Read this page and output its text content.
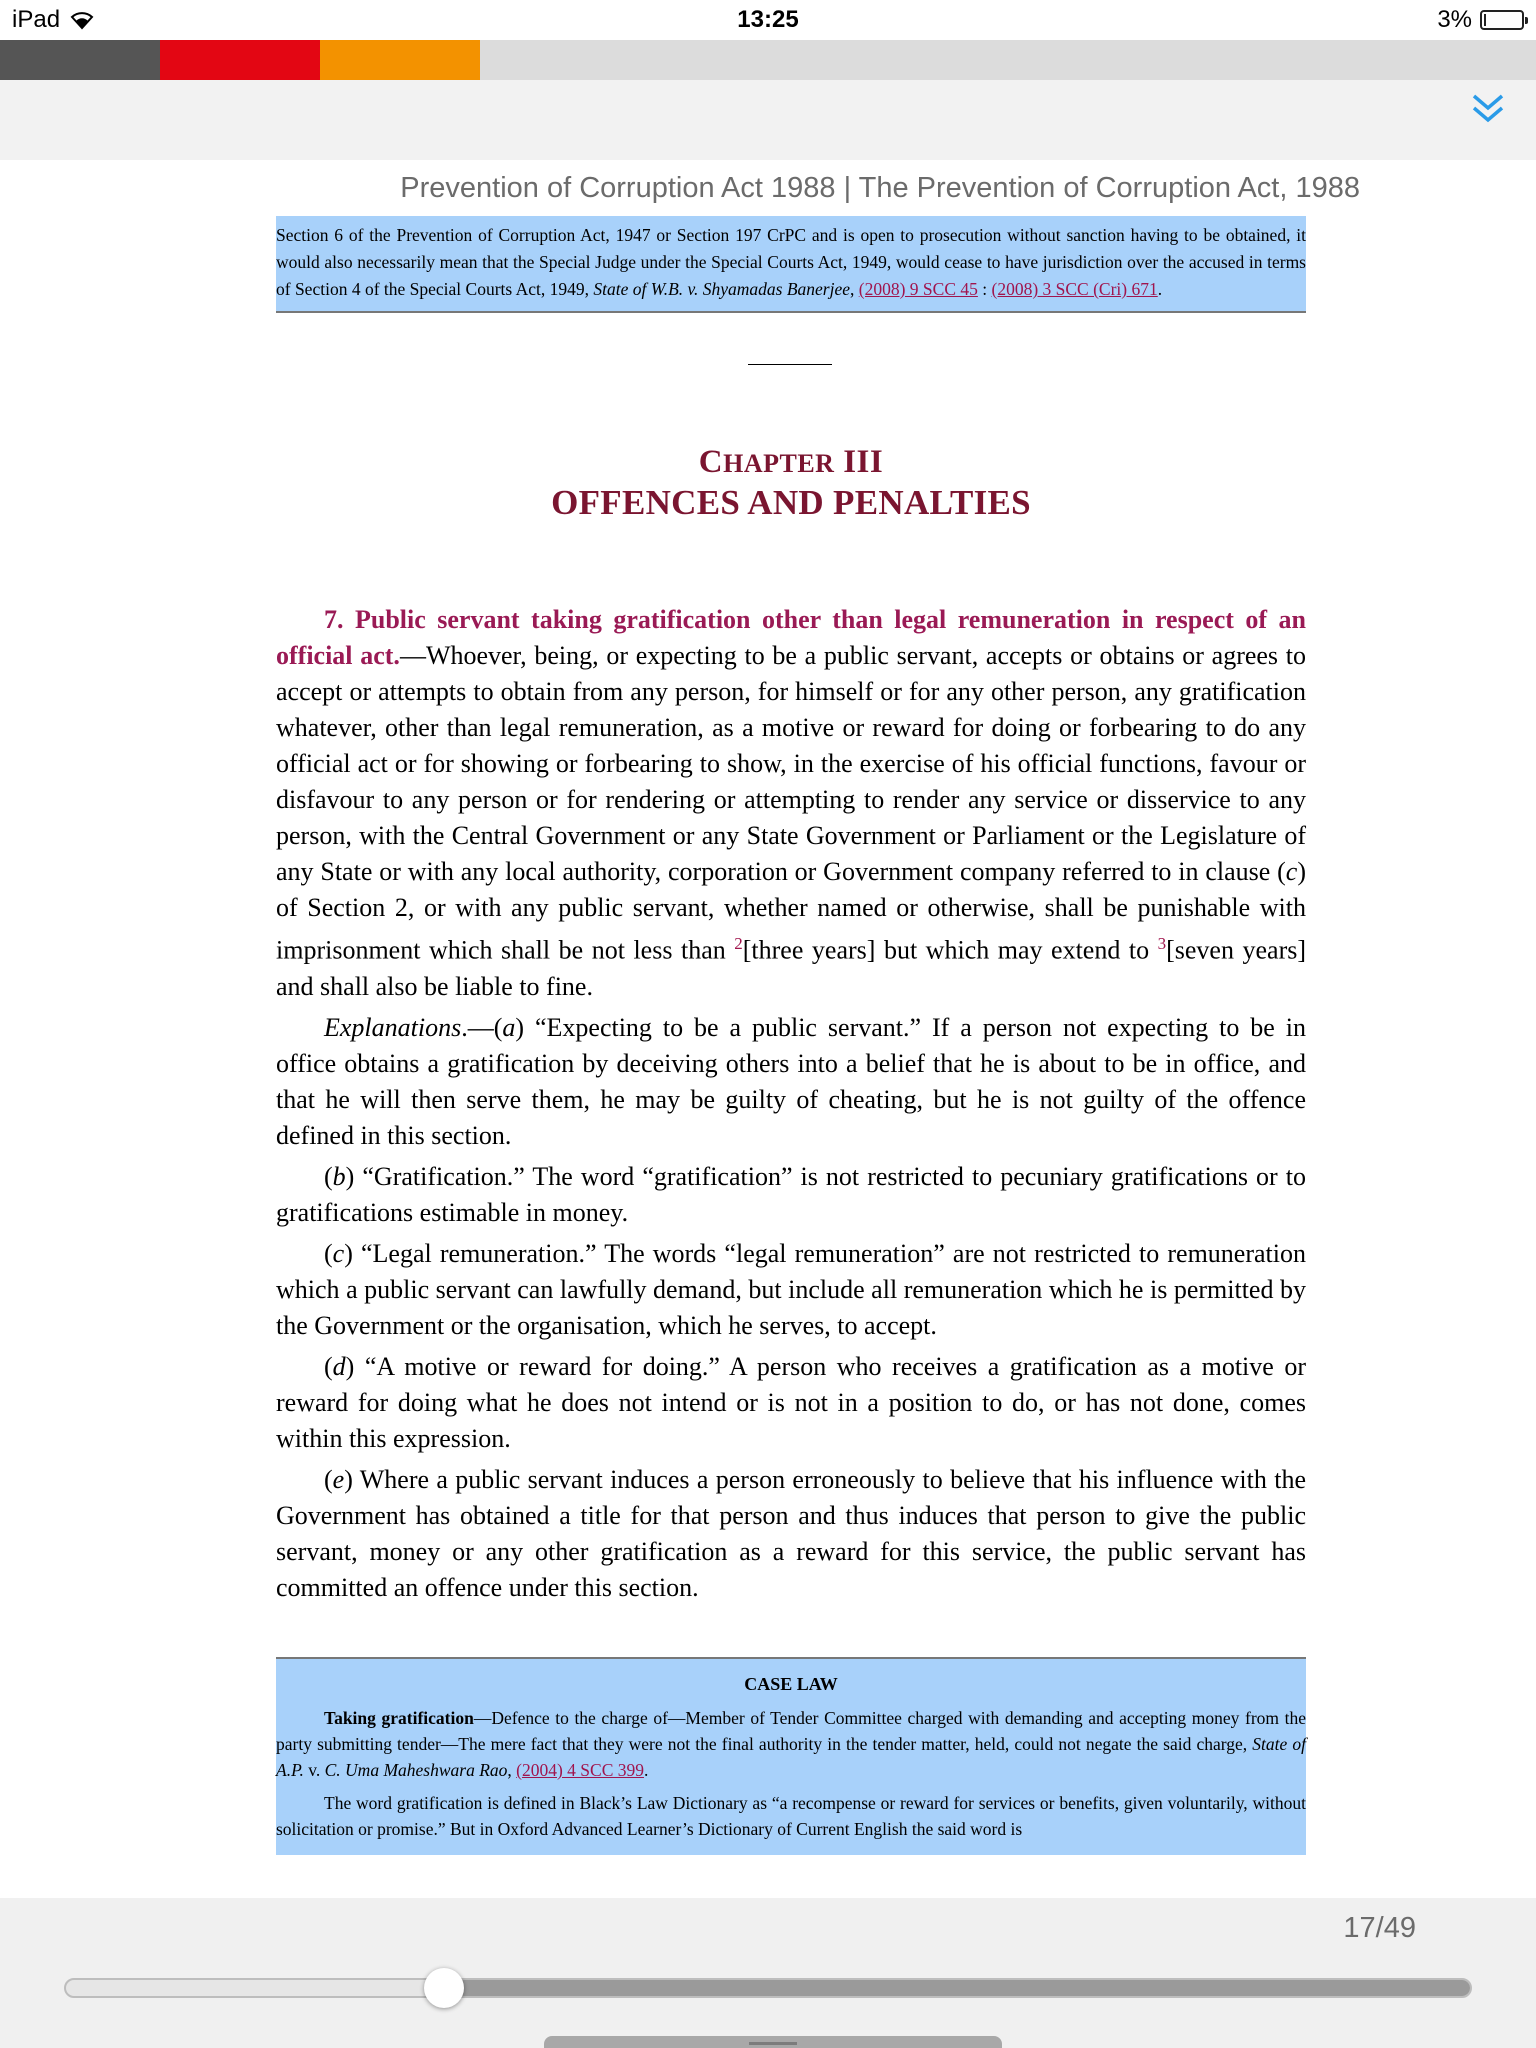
iPad	13:25	3%
Prevention of Corruption Act 1988 | The Prevention of Corruption Act, 1988
Section 6 of the Prevention of Corruption Act, 1947 or Section 197 CrPC and is open to prosecution without sanction having to be obtained, it would also necessarily mean that the Special Judge under the Special Courts Act, 1949, would cease to have jurisdiction over the accused in terms of Section 4 of the Special Courts Act, 1949, State of W.B. v. Shyamadas Banerjee, (2008) 9 SCC 45 : (2008) 3 SCC (Cri) 671.
CHAPTER III
OFFENCES AND PENALTIES

7. Public servant taking gratification other than legal remuneration in respect of an official act.—Whoever, being, or expecting to be a public servant, accepts or obtains or agrees to accept or attempts to obtain from any person, for himself or for any other person, any gratification whatever, other than legal remuneration, as a motive or reward for doing or forbearing to do any official act or for showing or forbearing to show, in the exercise of his official functions, favour or disfavour to any person or for rendering or attempting to render any service or disservice to any person, with the Central Government or any State Government or Parliament or the Legislature of any State or with any local authority, corporation or Government company referred to in clause (c) of Section 2, or with any public servant, whether named or otherwise, shall be punishable with imprisonment which shall be not less than $^2$[three years] but which may extend to $^3$[seven years] and shall also be liable to fine.

Explanations.—(a) “Expecting to be a public servant.” If a person not expecting to be in office obtains a gratification by deceiving others into a belief that he is about to be in office, and that he will then serve them, he may be guilty of cheating, but he is not guilty of the offence defined in this section.

(b) “Gratification.” The word “gratification” is not restricted to pecuniary gratifications or to gratifications estimable in money.

(c) “Legal remuneration.” The words “legal remuneration” are not restricted to remuneration which a public servant can lawfully demand, but include all remuneration which he is permitted by the Government or the organisation, which he serves, to accept.

(d) “A motive or reward for doing.” A person who receives a gratification as a motive or reward for doing what he does not intend or is not in a position to do, or has not done, comes within this expression.

(e) Where a public servant induces a person erroneously to believe that his influence with the Government has obtained a title for that person and thus induces that person to give the public servant, money or any other gratification as a reward for this service, the public servant has committed an offence under this section.

CASE LAW

Taking gratification—Defence to the charge of—Member of Tender Committee charged with demanding and accepting money from the party submitting tender—The mere fact that they were not the final authority in the tender matter, held, could not negate the said charge, State of A.P. v. C. Uma Maheshwara Rao, (2004) 4 SCC 399.

The word gratification is defined in Black’s Law Dictionary as “a recompense or reward for services or benefits, given voluntarily, without solicitation or promise.” But in Oxford Advanced Learner’s Dictionary of Current English the said word is

17/49
